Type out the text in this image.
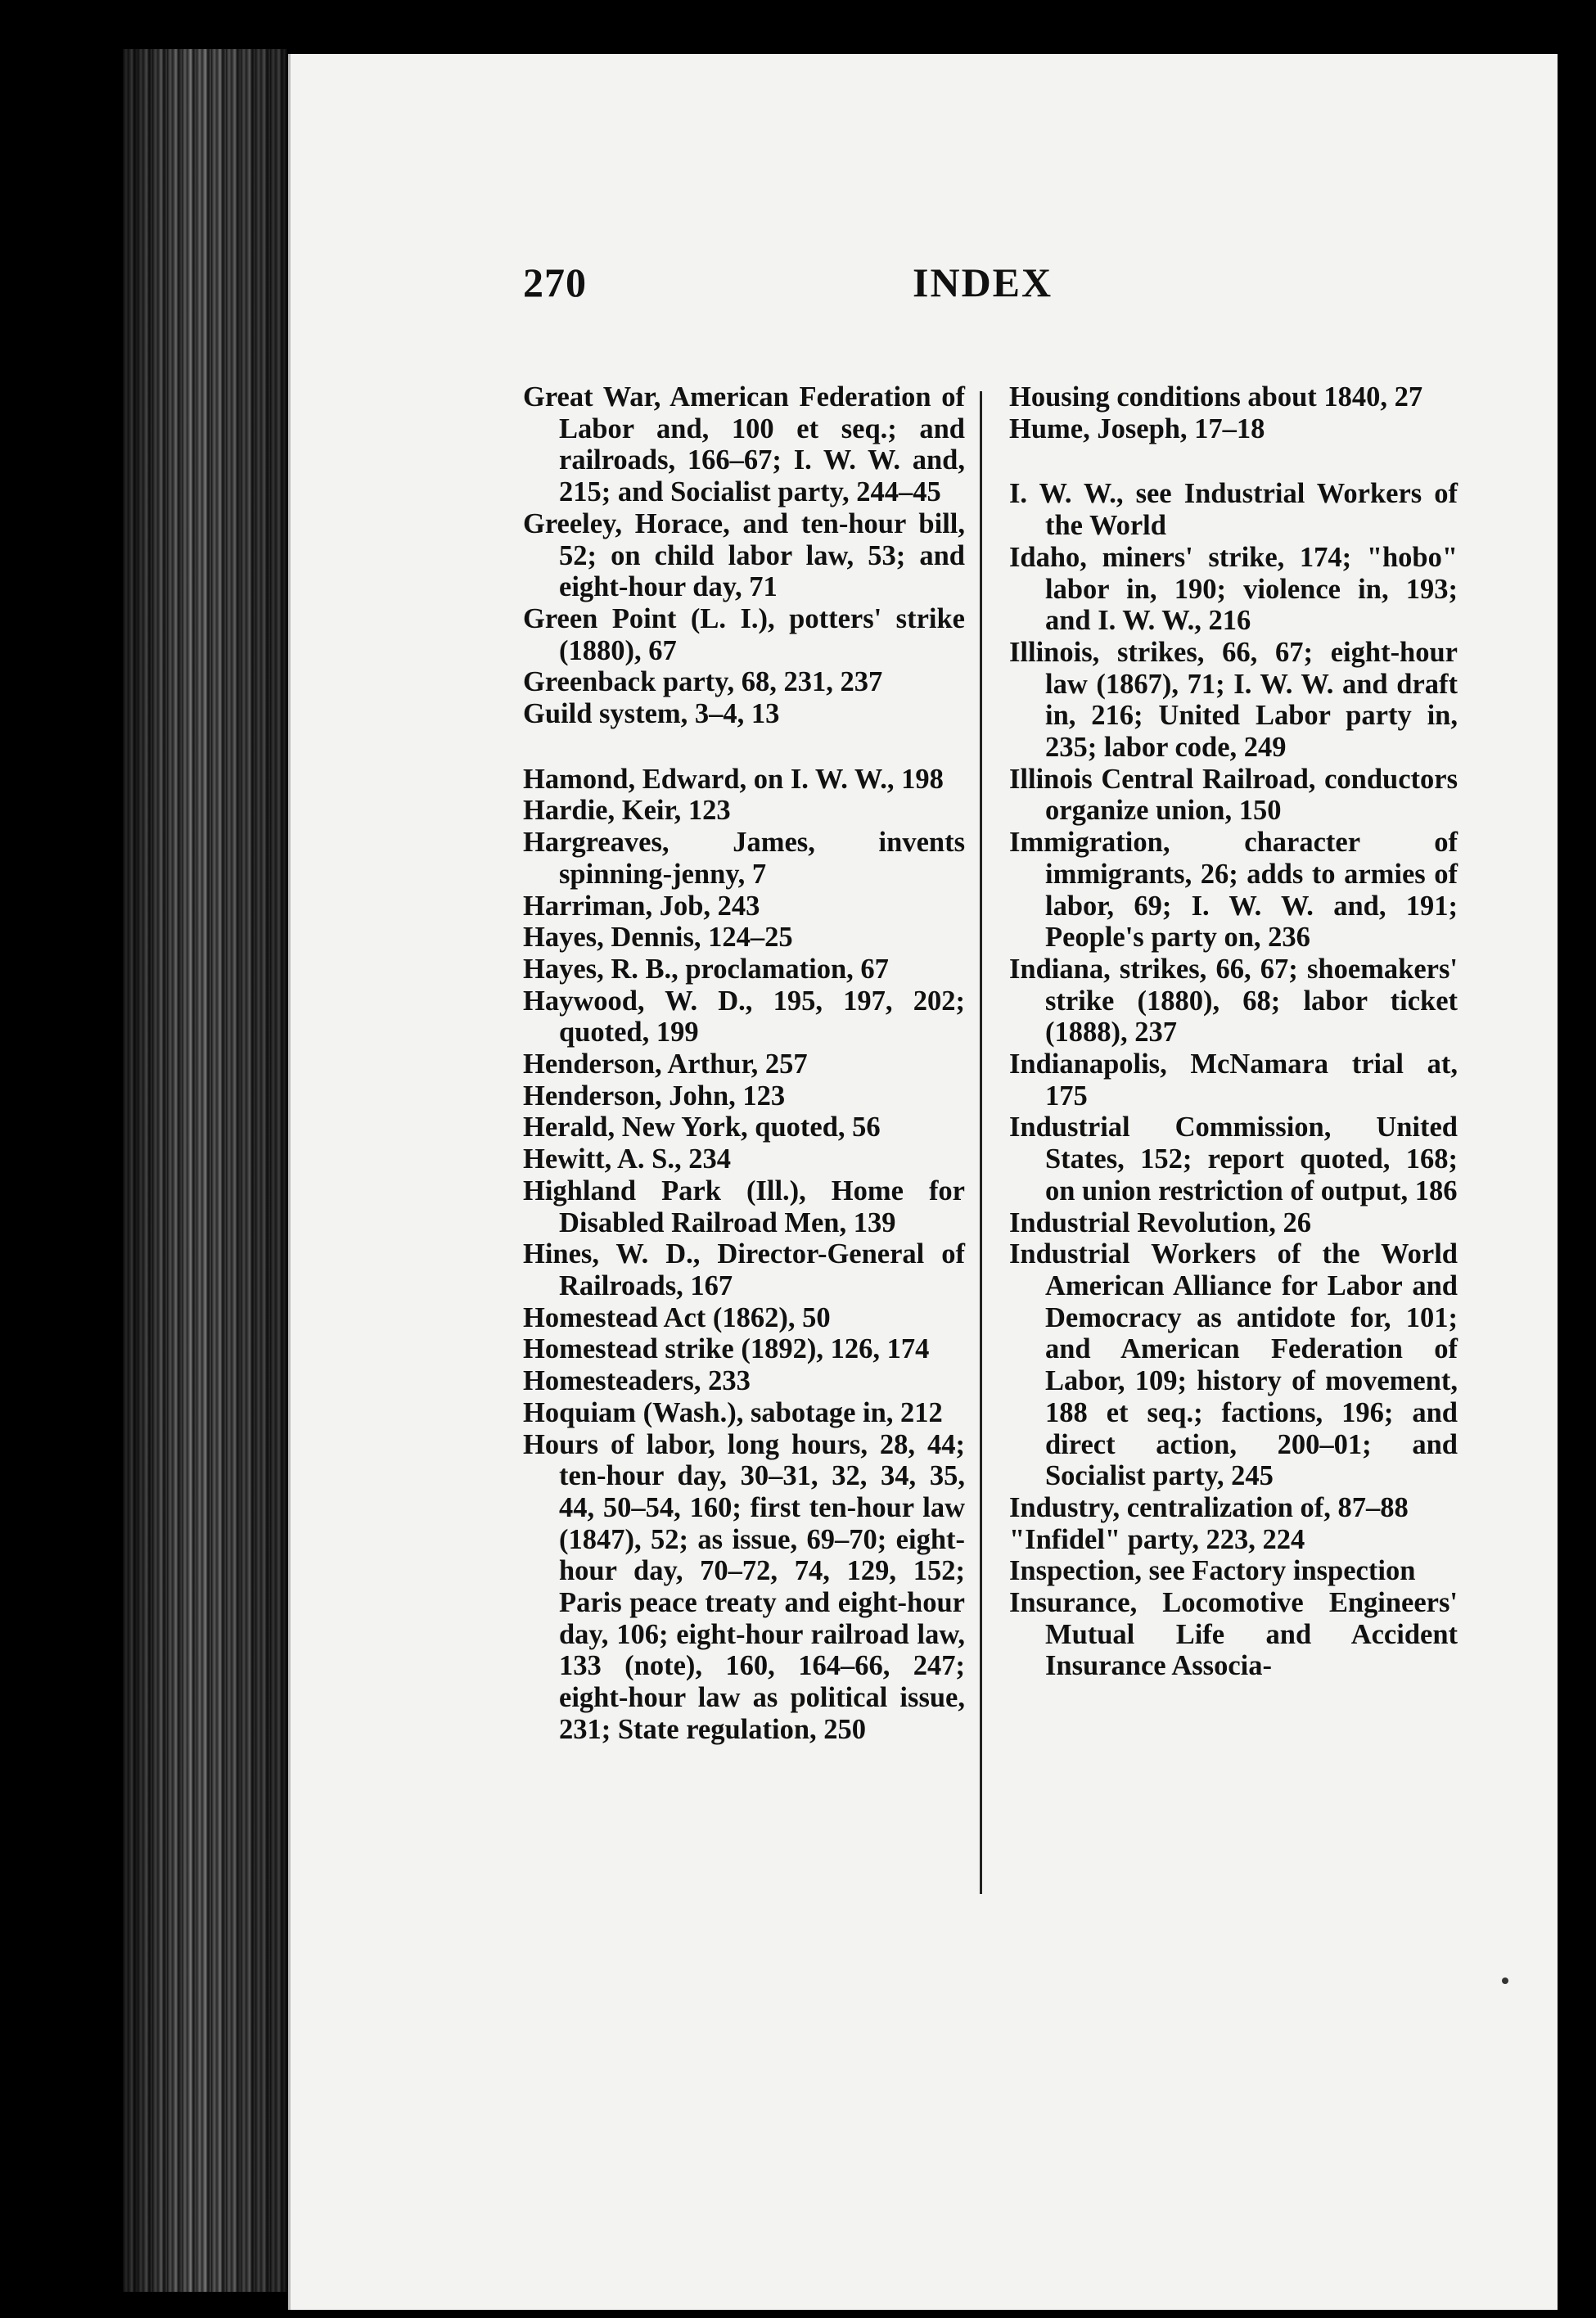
270	INDEX

Great War, American Federation of Labor and, 100 et seq.; and railroads, 166–67; I. W. W. and, 215; and Socialist party, 244–45

Greeley, Horace, and ten-hour bill, 52; on child labor law, 53; and eight-hour day, 71

Green Point (L. I.), potters' strike (1880), 67

Greenback party, 68, 231, 237

Guild system, 3–4, 13

Hamond, Edward, on I. W. W., 198

Hardie, Keir, 123

Hargreaves, James, invents spinning-jenny, 7

Harriman, Job, 243

Hayes, Dennis, 124–25

Hayes, R. B., proclamation, 67

Haywood, W. D., 195, 197, 202; quoted, 199

Henderson, Arthur, 257

Henderson, John, 123

Herald, New York, quoted, 56

Hewitt, A. S., 234

Highland Park (Ill.), Home for Disabled Railroad Men, 139

Hines, W. D., Director-General of Railroads, 167

Homestead Act (1862), 50

Homestead strike (1892), 126, 174

Homesteaders, 233

Hoquiam (Wash.), sabotage in, 212

Hours of labor, long hours, 28, 44; ten-hour day, 30–31, 32, 34, 35, 44, 50–54, 160; first ten-hour law (1847), 52; as issue, 69–70; eight-hour day, 70–72, 74, 129, 152; Paris peace treaty and eight-hour day, 106; eight-hour railroad law, 133 (note), 160, 164–66, 247; eight-hour law as political issue, 231; State regulation, 250

Housing conditions about 1840, 27

Hume, Joseph, 17–18

I. W. W., see Industrial Workers of the World

Idaho, miners' strike, 174; "hobo" labor in, 190; violence in, 193; and I. W. W., 216

Illinois, strikes, 66, 67; eight-hour law (1867), 71; I. W. W. and draft in, 216; United Labor party in, 235; labor code, 249

Illinois Central Railroad, conductors organize union, 150

Immigration, character of immigrants, 26; adds to armies of labor, 69; I. W. W. and, 191; People's party on, 236

Indiana, strikes, 66, 67; shoemakers' strike (1880), 68; labor ticket (1888), 237

Indianapolis, McNamara trial at, 175

Industrial Commission, United States, 152; report quoted, 168; on union restriction of output, 186

Industrial Revolution, 26

Industrial Workers of the World American Alliance for Labor and Democracy as antidote for, 101; and American Federation of Labor, 109; history of movement, 188 et seq.; factions, 196; and direct action, 200–01; and Socialist party, 245

Industry, centralization of, 87–88

"Infidel" party, 223, 224

Inspection, see Factory inspection

Insurance, Locomotive Engineers' Mutual Life and Accident Insurance Associa-
